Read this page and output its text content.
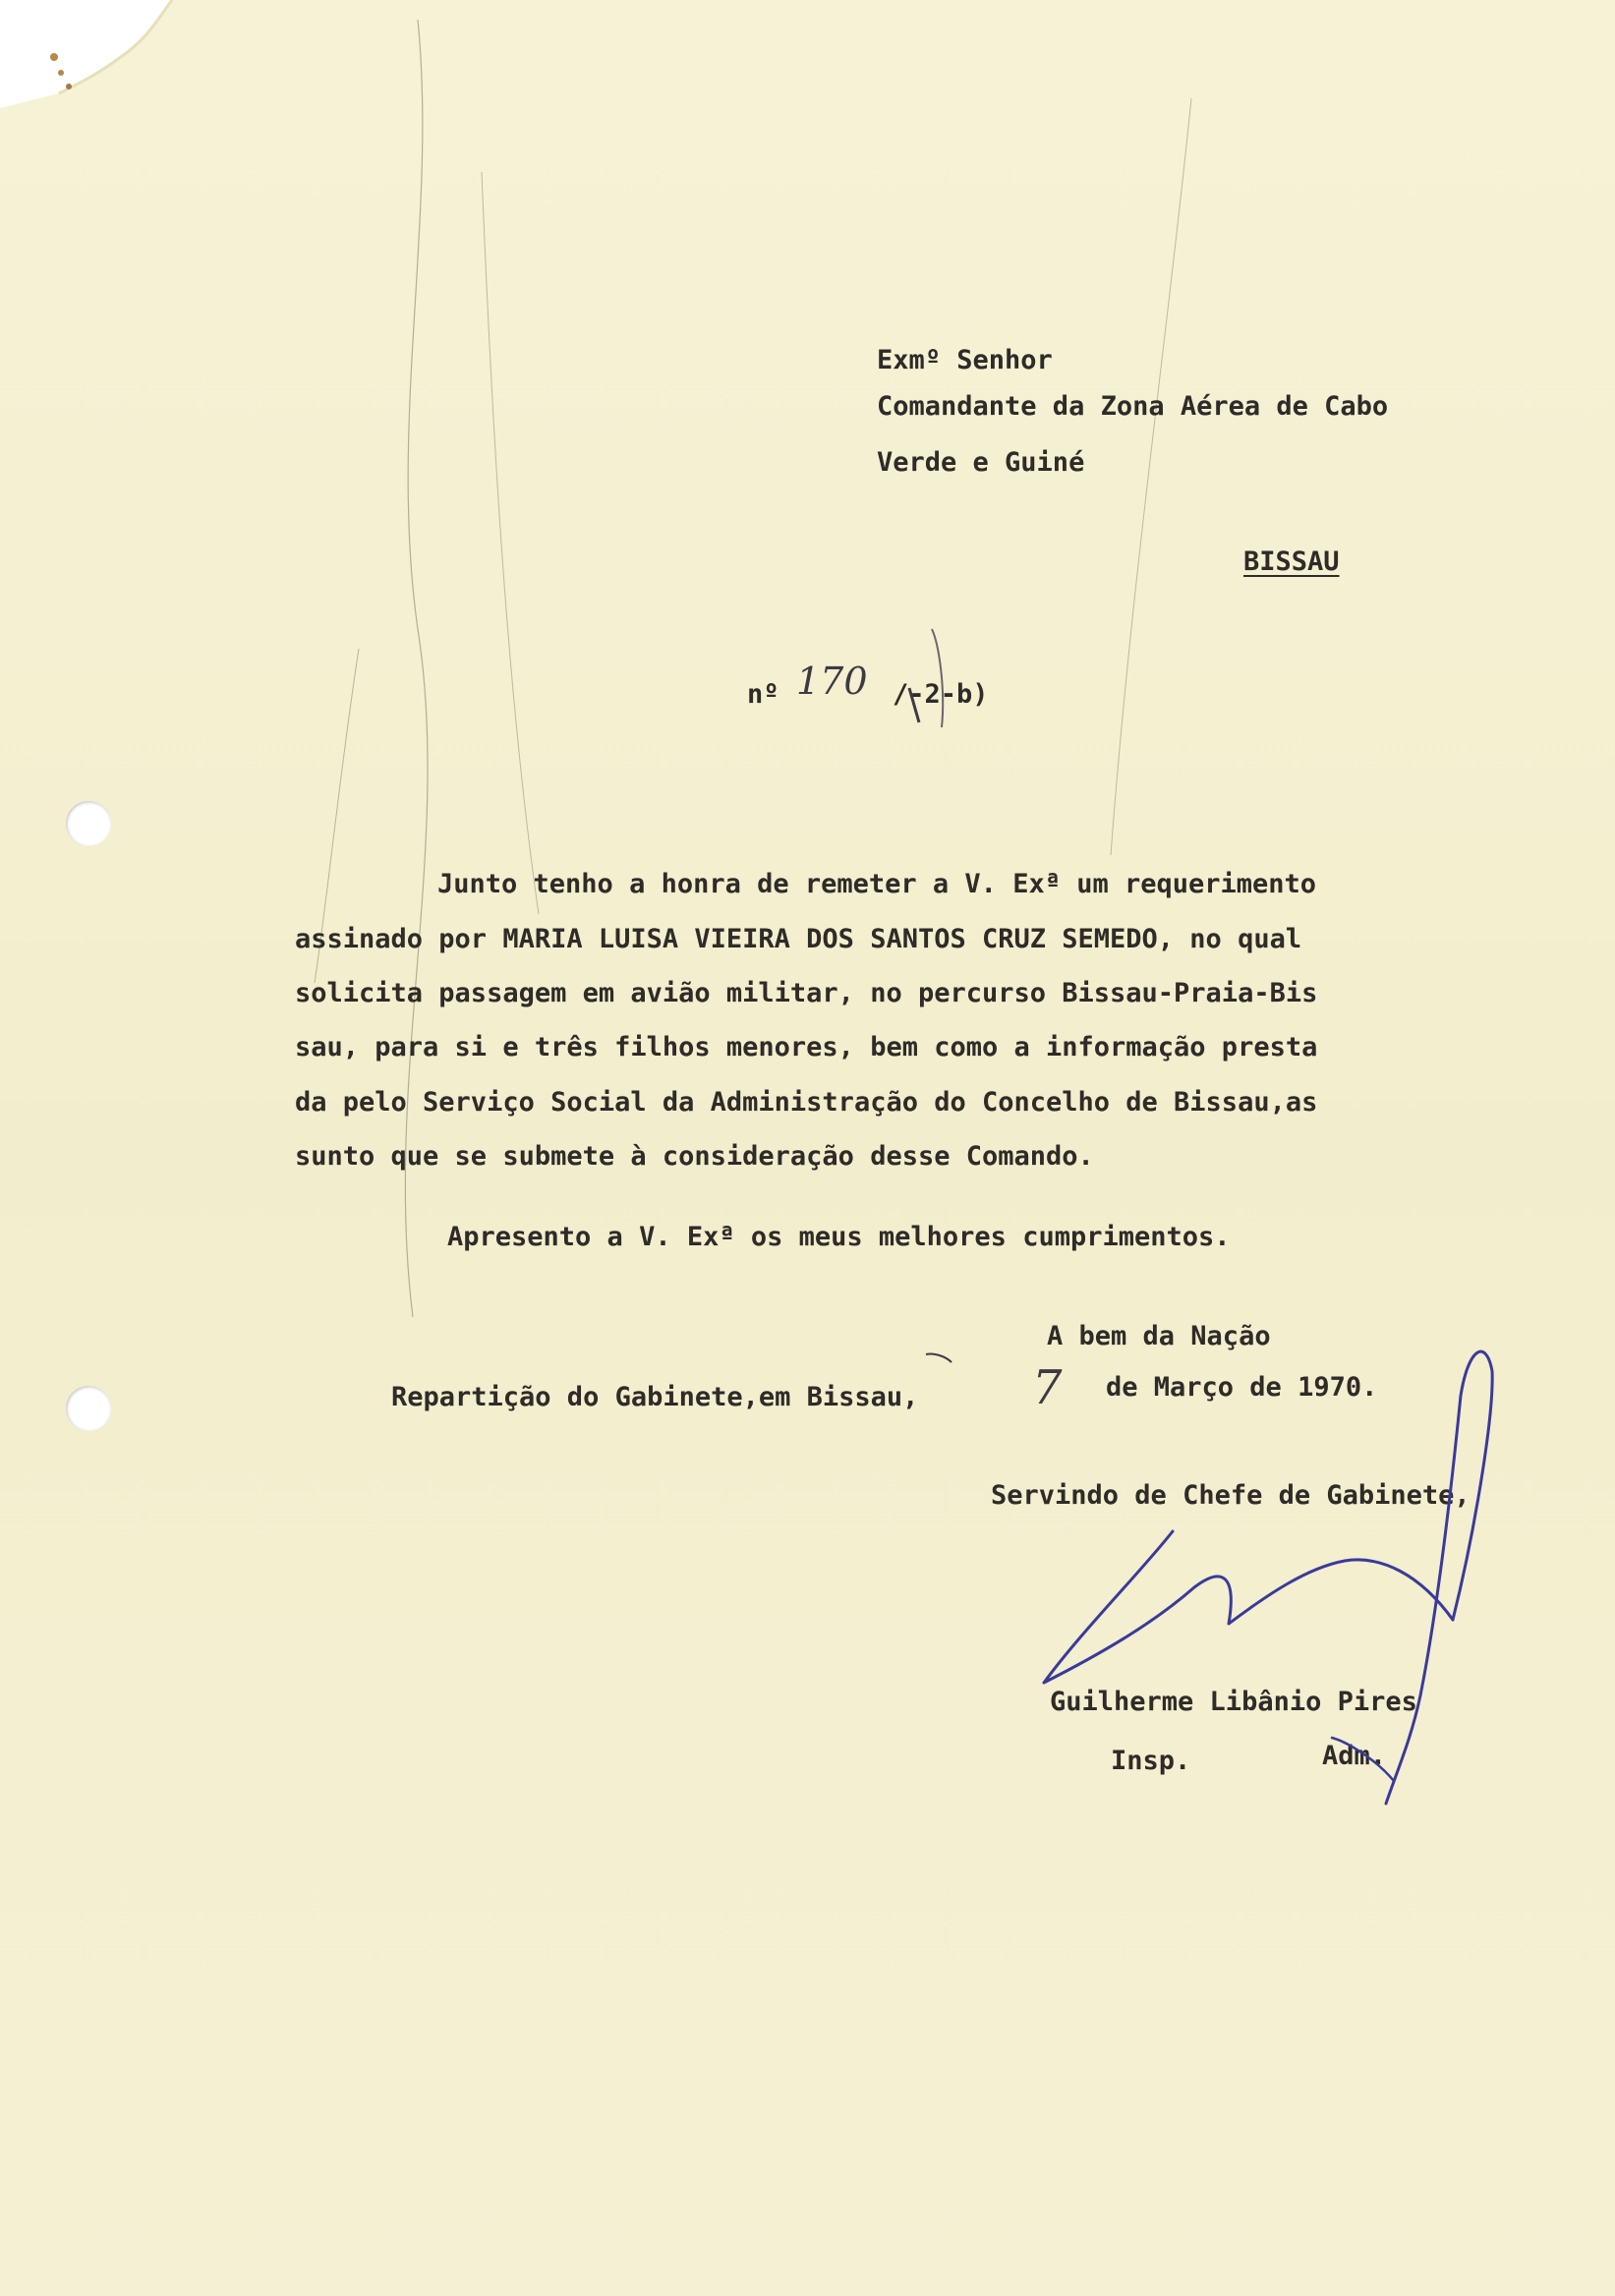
Exmº Senhor
Comandante da Zona Aérea de Cabo
Verde e Guiné
BISSAU
nº 170 /-2-b)
Junto tenho a honra de remeter a V. Exª um requerimento
assinado por MARIA LUISA VIEIRA DOS SANTOS CRUZ SEMEDO, no qual
solicita passagem em avião militar, no percurso Bissau-Praia-Bis
sau, para si e três filhos menores, bem como a informação presta
da pelo Serviço Social da Administração do Concelho de Bissau,as
sunto que se submete à consideração desse Comando.
Apresento a V. Exª os meus melhores cumprimentos.
A bem da Nação
Repartição do Gabinete,em Bissau, 7 de Março de 1970.
Servindo de Chefe de Gabinete,
Guilherme Libânio Pires
Insp.	Adm.
